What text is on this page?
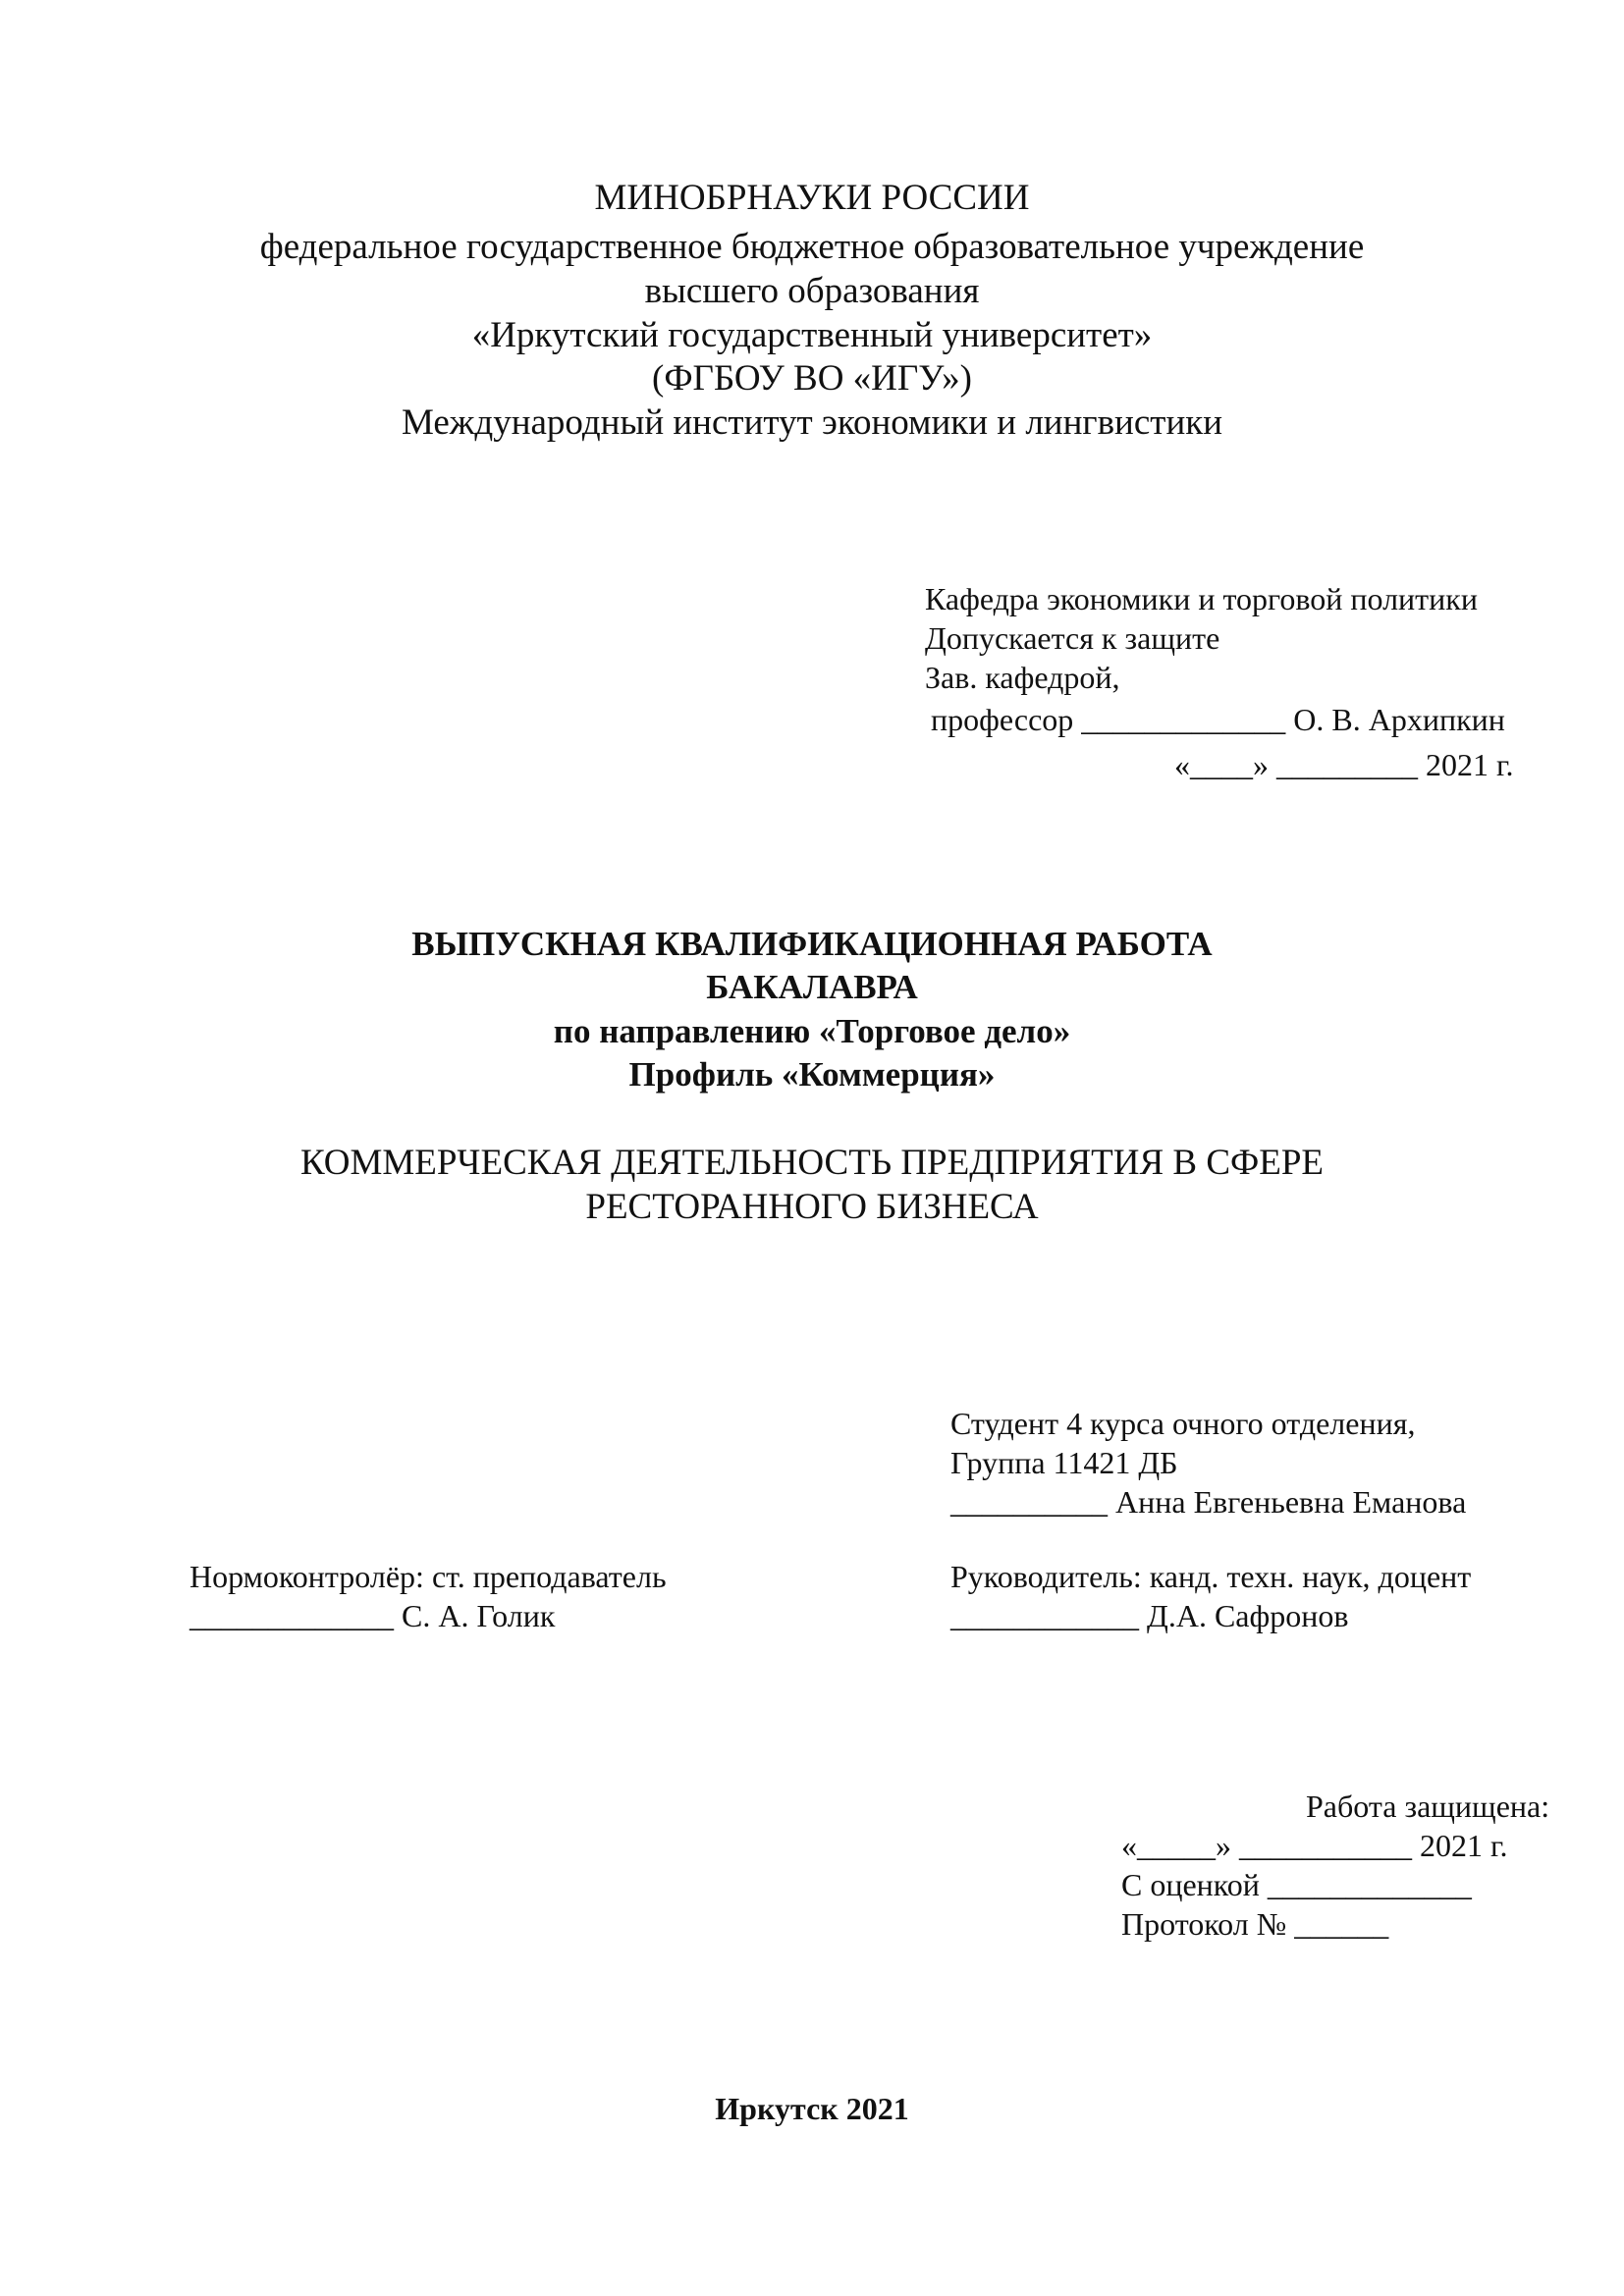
МИНОБРНАУКИ РОССИИ
федеральное государственное бюджетное образовательное учреждение
высшего образования
«Иркутский государственный университет»
(ФГБОУ ВО «ИГУ»)
Международный институт экономики и лингвистики
Кафедра экономики и торговой политики
Допускается к защите
Зав. кафедрой,
профессор _____________ О. В. Архипкин
«____» _________ 2021 г.
ВЫПУСКНАЯ КВАЛИФИКАЦИОННАЯ РАБОТА
БАКАЛАВРА
по направлению «Торговое дело»
Профиль «Коммерция»
КОММЕРЧЕСКАЯ ДЕЯТЕЛЬНОСТЬ ПРЕДПРИЯТИЯ В СФЕРЕ
РЕСТОРАННОГО БИЗНЕСА
Студент 4 курса очного отделения,
Группа 11421 ДБ
__________ Анна Евгеньевна Еманова
Нормоконтролёр: ст. преподаватель
_____________ С. А. Голик
Руководитель: канд. техн. наук, доцент
____________ Д.А. Сафронов
Работа защищена:
«_____» ___________ 2021 г.
С оценкой _____________
Протокол № ______
Иркутск 2021
